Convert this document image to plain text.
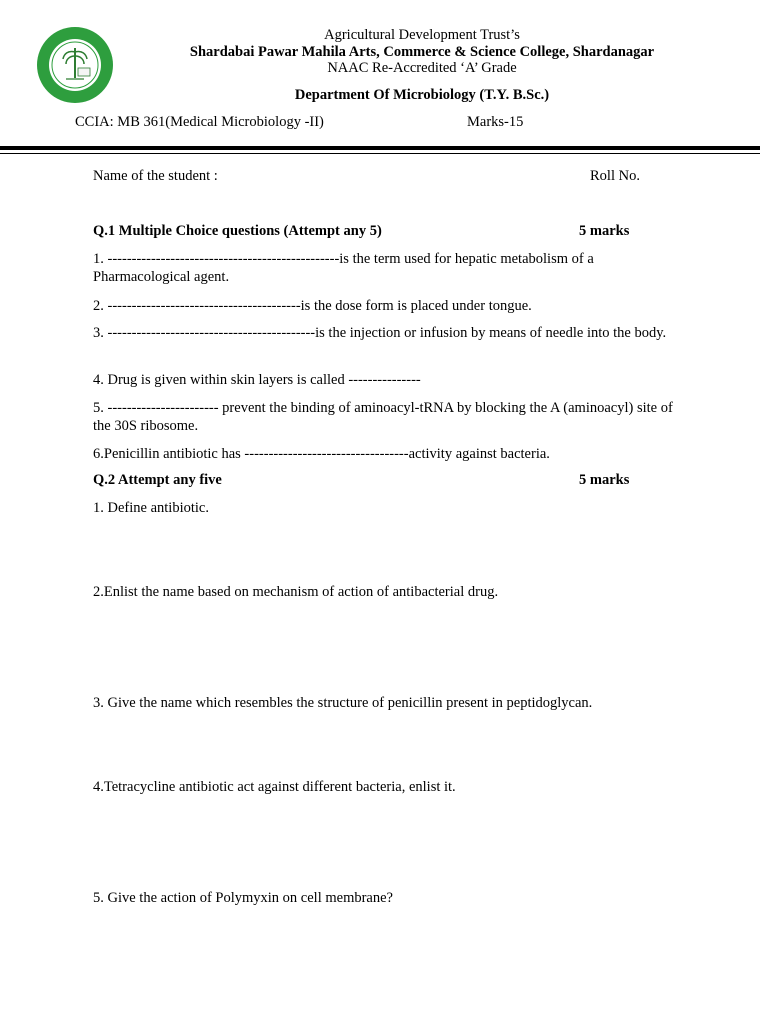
Agricultural Development Trust’s
Shardabai Pawar Mahila Arts, Commerce & Science College, Shardanagar
NAAC Re-Accredited ‘A’ Grade
Department Of Microbiology (T.Y. B.Sc.)
CCIA: MB 361(Medical Microbiology -II)	Marks-15
Name of the student :	Roll No.
Q.1 Multiple Choice questions (Attempt any 5)	5 marks
1. ------------------------------------------------is the term used for hepatic metabolism of a Pharmacological agent.
2. ----------------------------------------is the dose form is placed under tongue.
3. -------------------------------------------is the injection or infusion by means of needle into the body.
4. Drug is given within skin layers is called ---------------
5. ----------------------- prevent the binding of aminoacyl-tRNA by blocking the A (aminoacyl) site of the 30S ribosome.
6.Penicillin antibiotic has ----------------------------------activity against bacteria.
Q.2 Attempt any five	5 marks
1. Define antibiotic.
2.Enlist the name based on mechanism of action of antibacterial drug.
3. Give the name which resembles the structure of penicillin present in peptidoglycan.
4.Tetracycline antibiotic act against different bacteria, enlist it.
5. Give the action of Polymyxin on cell membrane?
